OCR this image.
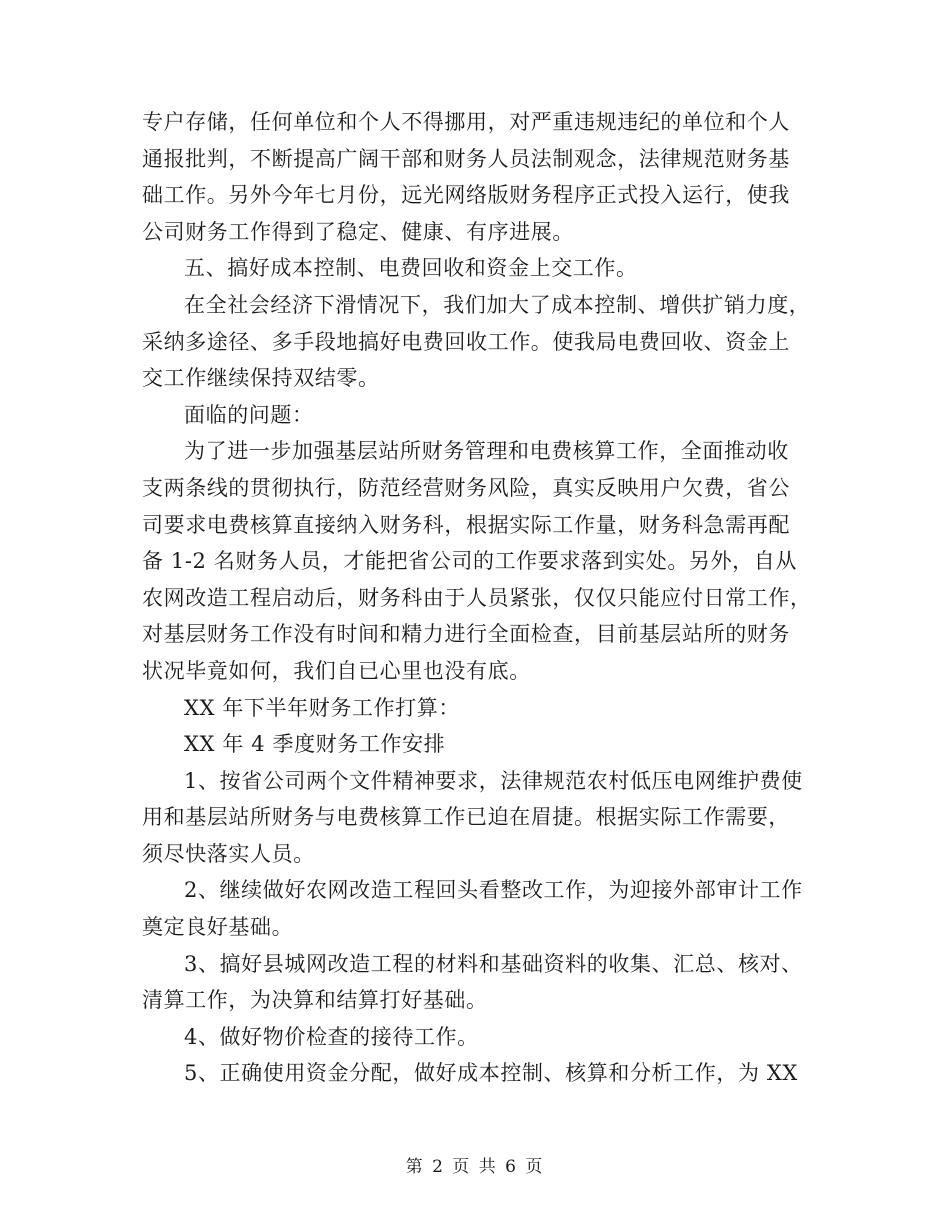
专户存储，任何单位和个人不得挪用，对严重违规违纪的单位和个人
通报批判，不断提高广阔干部和财务人员法制观念，法律规范财务基
础工作。另外今年七月份，远光网络版财务程序正式投入运行，使我
公司财务工作得到了稳定、健康、有序进展。
五、搞好成本控制、电费回收和资金上交工作。
在全社会经济下滑情况下，我们加大了成本控制、增供扩销力度，
采纳多途径、多手段地搞好电费回收工作。使我局电费回收、资金上
交工作继续保持双结零。
面临的问题：
为了进一步加强基层站所财务管理和电费核算工作，全面推动收
支两条线的贯彻执行，防范经营财务风险，真实反映用户欠费，省公
司要求电费核算直接纳入财务科，根据实际工作量，财务科急需再配
备 1-2 名财务人员，才能把省公司的工作要求落到实处。另外，自从
农网改造工程启动后，财务科由于人员紧张，仅仅只能应付日常工作，
对基层财务工作没有时间和精力进行全面检查，目前基层站所的财务
状况毕竟如何，我们自已心里也没有底。
XX 年下半年财务工作打算：
XX 年 4 季度财务工作安排
1、按省公司两个文件精神要求，法律规范农村低压电网维护费使
用和基层站所财务与电费核算工作已迫在眉捷。根据实际工作需要，
须尽快落实人员。
2、继续做好农网改造工程回头看整改工作，为迎接外部审计工作
奠定良好基础。
3、搞好县城网改造工程的材料和基础资料的收集、汇总、核对、
清算工作，为决算和结算打好基础。
4、做好物价检查的接待工作。
5、正确使用资金分配，做好成本控制、核算和分析工作，为 XX
第 2 页 共 6 页
